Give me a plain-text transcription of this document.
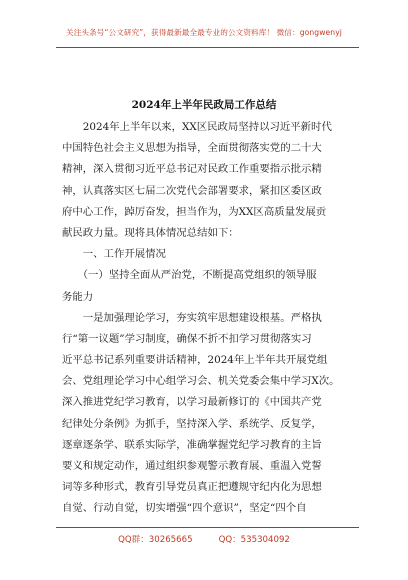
关注头条号“公文研究”，获得最新最全最专业的公文资料库！ 微信：gongwenyj
2024年上半年民政局工作总结
　　2024年上半年以来，XX区民政局坚持以习近平新时代
中国特色社会主义思想为指导，全面贯彻落实党的二十大
精神，深入贯彻习近平总书记对民政工作重要指示批示精
神，认真落实区七届二次党代会部署要求，紧扣区委区政
府中心工作，踔厉奋发，担当作为，为XX区高质量发展贡
献民政力量。现将具体情况总结如下：
　　一、工作开展情况
　　（一）坚持全面从严治党，不断提高党组织的领导服
务能力
　　一是加强理论学习，夯实筑牢思想建设根基。严格执
行“第一议题”学习制度，确保不折不扣学习贯彻落实习
近平总书记系列重要讲话精神，2024年上半年共开展党组
会、党组理论学习中心组学习会、机关党委会集中学习X次。
深入推进党纪学习教育，以学习最新修订的《中国共产党
纪律处分条例》为抓手，坚持深入学、系统学、反复学，
逐章逐条学、联系实际学，准确掌握党纪学习教育的主旨
要义和规定动作，通过组织参观警示教育展、重温入党誓
词等多种形式，教育引导党员真正把遵规守纪内化为思想
自觉、行动自觉，切实增强“四个意识”，坚定“四个自
QQ群：30265665	QQ：535304092
